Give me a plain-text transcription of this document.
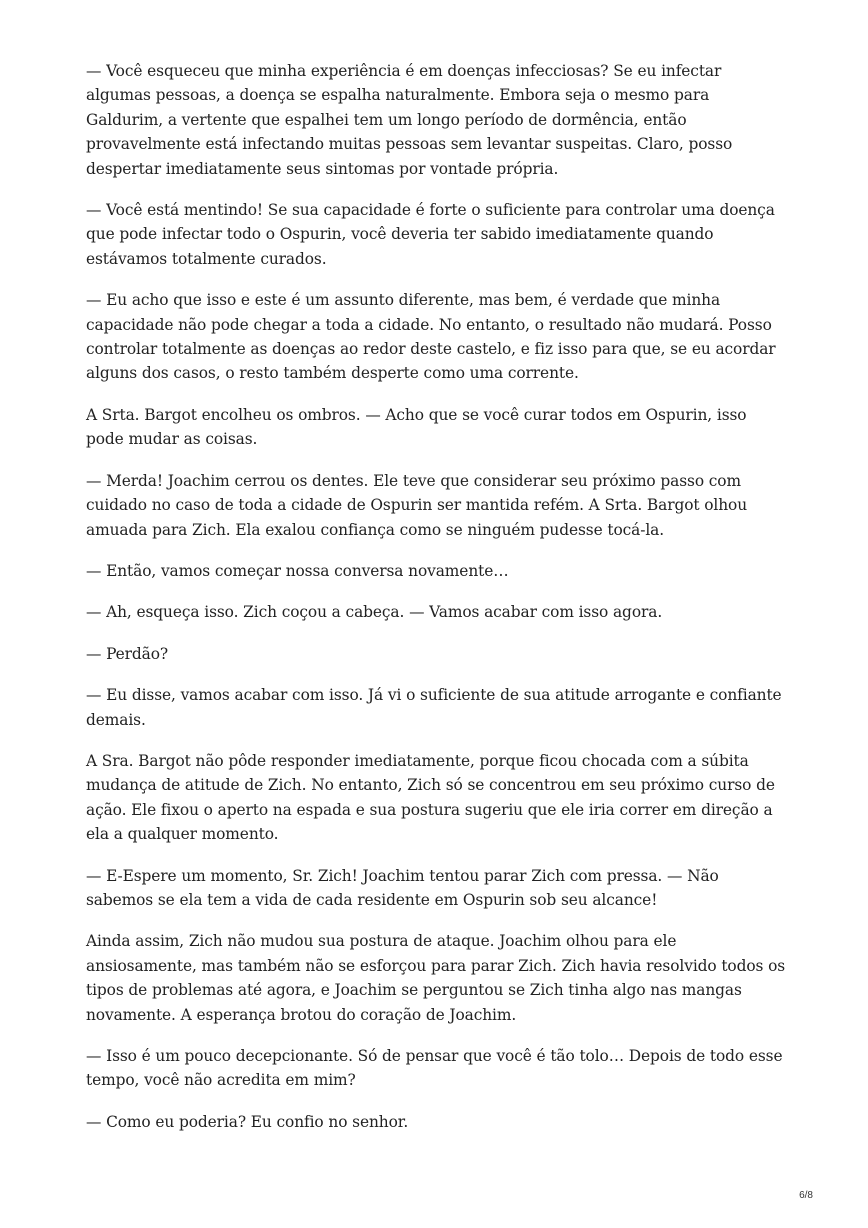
— Você esqueceu que minha experiência é em doenças infecciosas? Se eu infectar algumas pessoas, a doença se espalha naturalmente. Embora seja o mesmo para Galdurim, a vertente que espalhei tem um longo período de dormência, então provavelmente está infectando muitas pessoas sem levantar suspeitas. Claro, posso despertar imediatamente seus sintomas por vontade própria.

— Você está mentindo! Se sua capacidade é forte o suficiente para controlar uma doença que pode infectar todo o Ospurin, você deveria ter sabido imediatamente quando estávamos totalmente curados.

— Eu acho que isso e este é um assunto diferente, mas bem, é verdade que minha capacidade não pode chegar a toda a cidade. No entanto, o resultado não mudará. Posso controlar totalmente as doenças ao redor deste castelo, e fiz isso para que, se eu acordar alguns dos casos, o resto também desperte como uma corrente.

A Srta. Bargot encolheu os ombros. — Acho que se você curar todos em Ospurin, isso pode mudar as coisas.

— Merda! Joachim cerrou os dentes. Ele teve que considerar seu próximo passo com cuidado no caso de toda a cidade de Ospurin ser mantida refém. A Srta. Bargot olhou amuada para Zich. Ela exalou confiança como se ninguém pudesse tocá-la.

— Então, vamos começar nossa conversa novamente…

— Ah, esqueça isso. Zich coçou a cabeça. — Vamos acabar com isso agora.

— Perdão?

— Eu disse, vamos acabar com isso. Já vi o suficiente de sua atitude arrogante e confiante demais.

A Sra. Bargot não pôde responder imediatamente, porque ficou chocada com a súbita mudança de atitude de Zich. No entanto, Zich só se concentrou em seu próximo curso de ação. Ele fixou o aperto na espada e sua postura sugeriu que ele iria correr em direção a ela a qualquer momento.

— E-Espere um momento, Sr. Zich! Joachim tentou parar Zich com pressa. — Não sabemos se ela tem a vida de cada residente em Ospurin sob seu alcance!

Ainda assim, Zich não mudou sua postura de ataque. Joachim olhou para ele ansiosamente, mas também não se esforçou para parar Zich. Zich havia resolvido todos os tipos de problemas até agora, e Joachim se perguntou se Zich tinha algo nas mangas novamente. A esperança brotou do coração de Joachim.

— Isso é um pouco decepcionante. Só de pensar que você é tão tolo… Depois de todo esse tempo, você não acredita em mim?

— Como eu poderia? Eu confio no senhor.

6/8
